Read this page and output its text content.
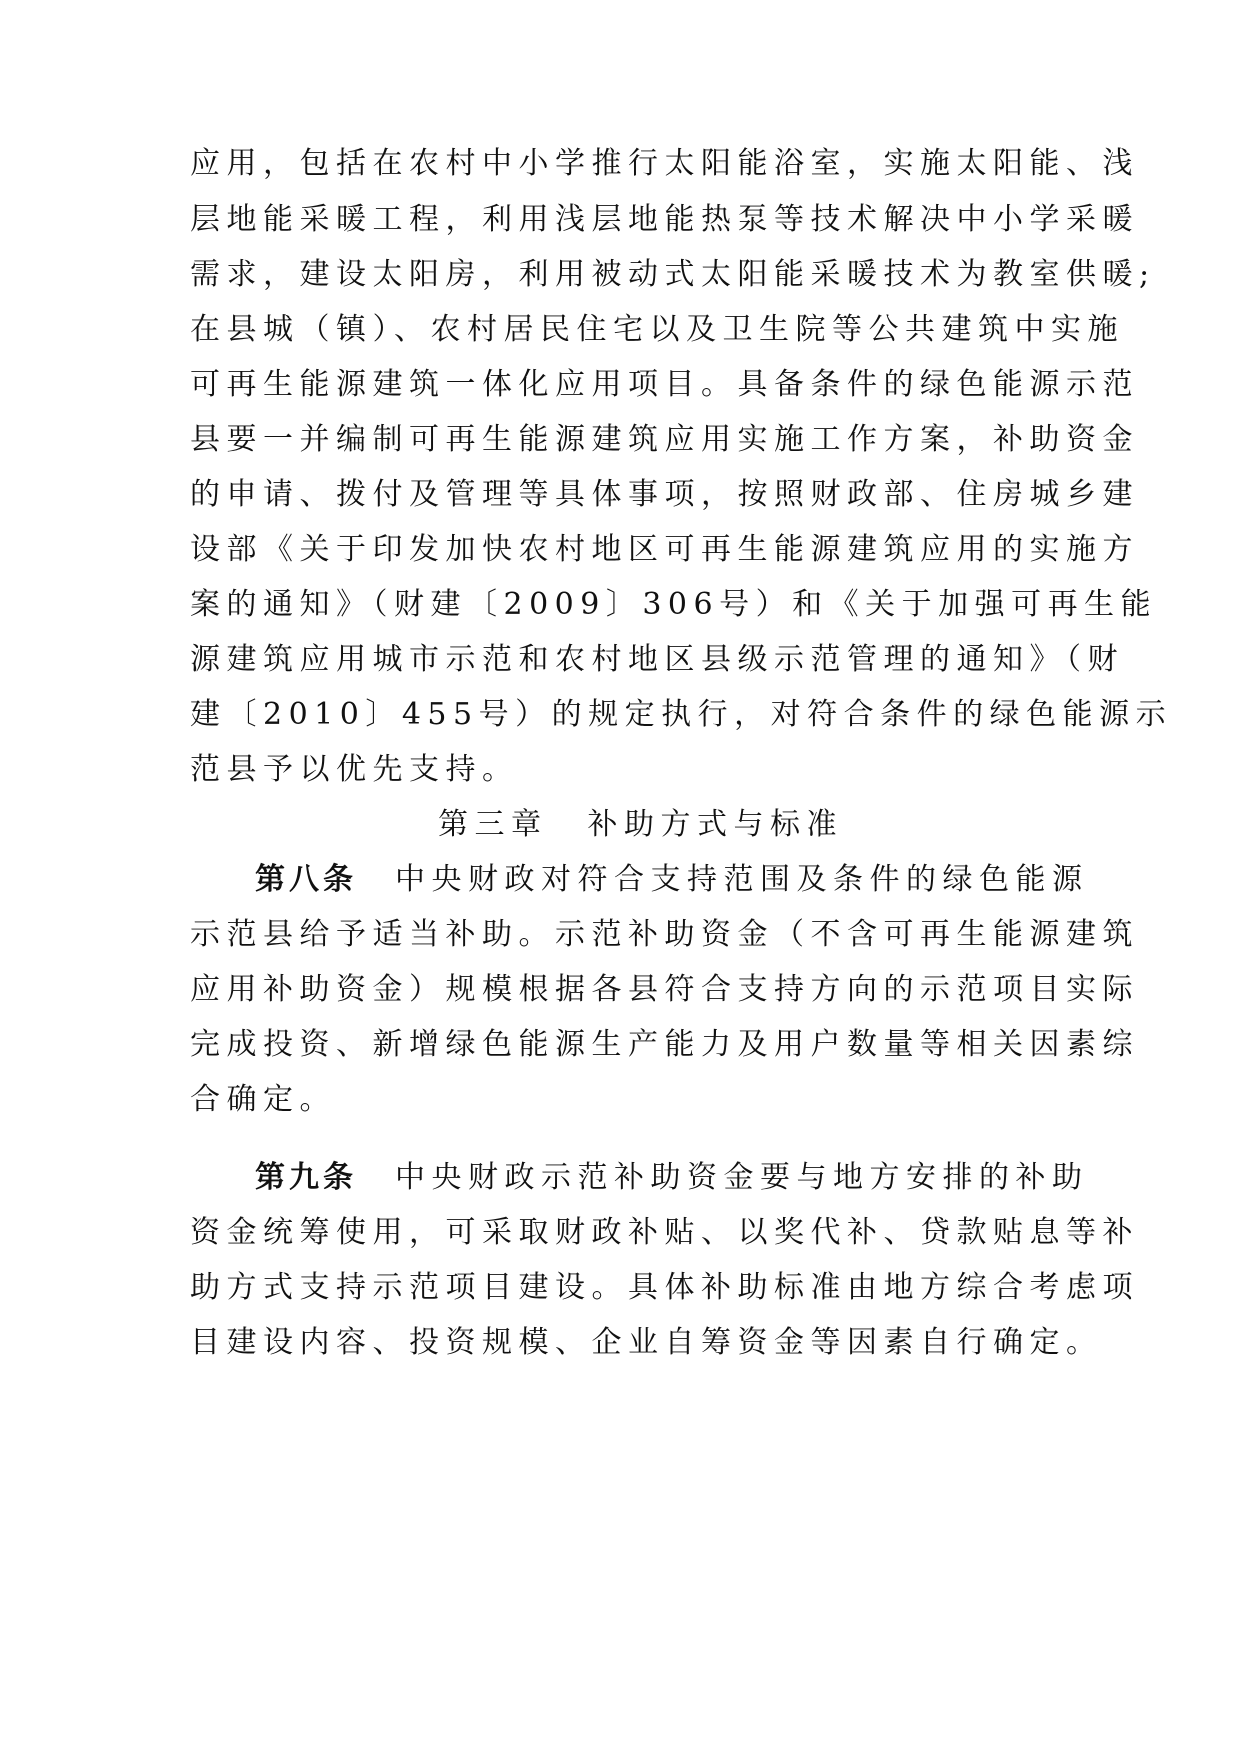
应用，包括在农村中小学推行太阳能浴室，实施太阳能、浅
层地能采暖工程，利用浅层地能热泵等技术解决中小学采暖
需求，建设太阳房，利用被动式太阳能采暖技术为教室供暖;
在县城（镇）、农村居民住宅以及卫生院等公共建筑中实施
可再生能源建筑一体化应用项目。具备条件的绿色能源示范
县要一并编制可再生能源建筑应用实施工作方案，补助资金
的申请、拨付及管理等具体事项，按照财政部、住房城乡建
设部《关于印发加快农村地区可再生能源建筑应用的实施方
案的通知》（财建〔2009〕306号）和《关于加强可再生能
源建筑应用城市示范和农村地区县级示范管理的通知》（财
建〔2010〕455号）的规定执行，对符合条件的绿色能源示
范县予以优先支持。
第三章 补助方式与标准
第八条 中央财政对符合支持范围及条件的绿色能源
示范县给予适当补助。示范补助资金（不含可再生能源建筑
应用补助资金）规模根据各县符合支持方向的示范项目实际
完成投资、新增绿色能源生产能力及用户数量等相关因素综
合确定。
第九条 中央财政示范补助资金要与地方安排的补助
资金统筹使用，可采取财政补贴、以奖代补、贷款贴息等补
助方式支持示范项目建设。具体补助标准由地方综合考虑项
目建设内容、投资规模、企业自筹资金等因素自行确定。
